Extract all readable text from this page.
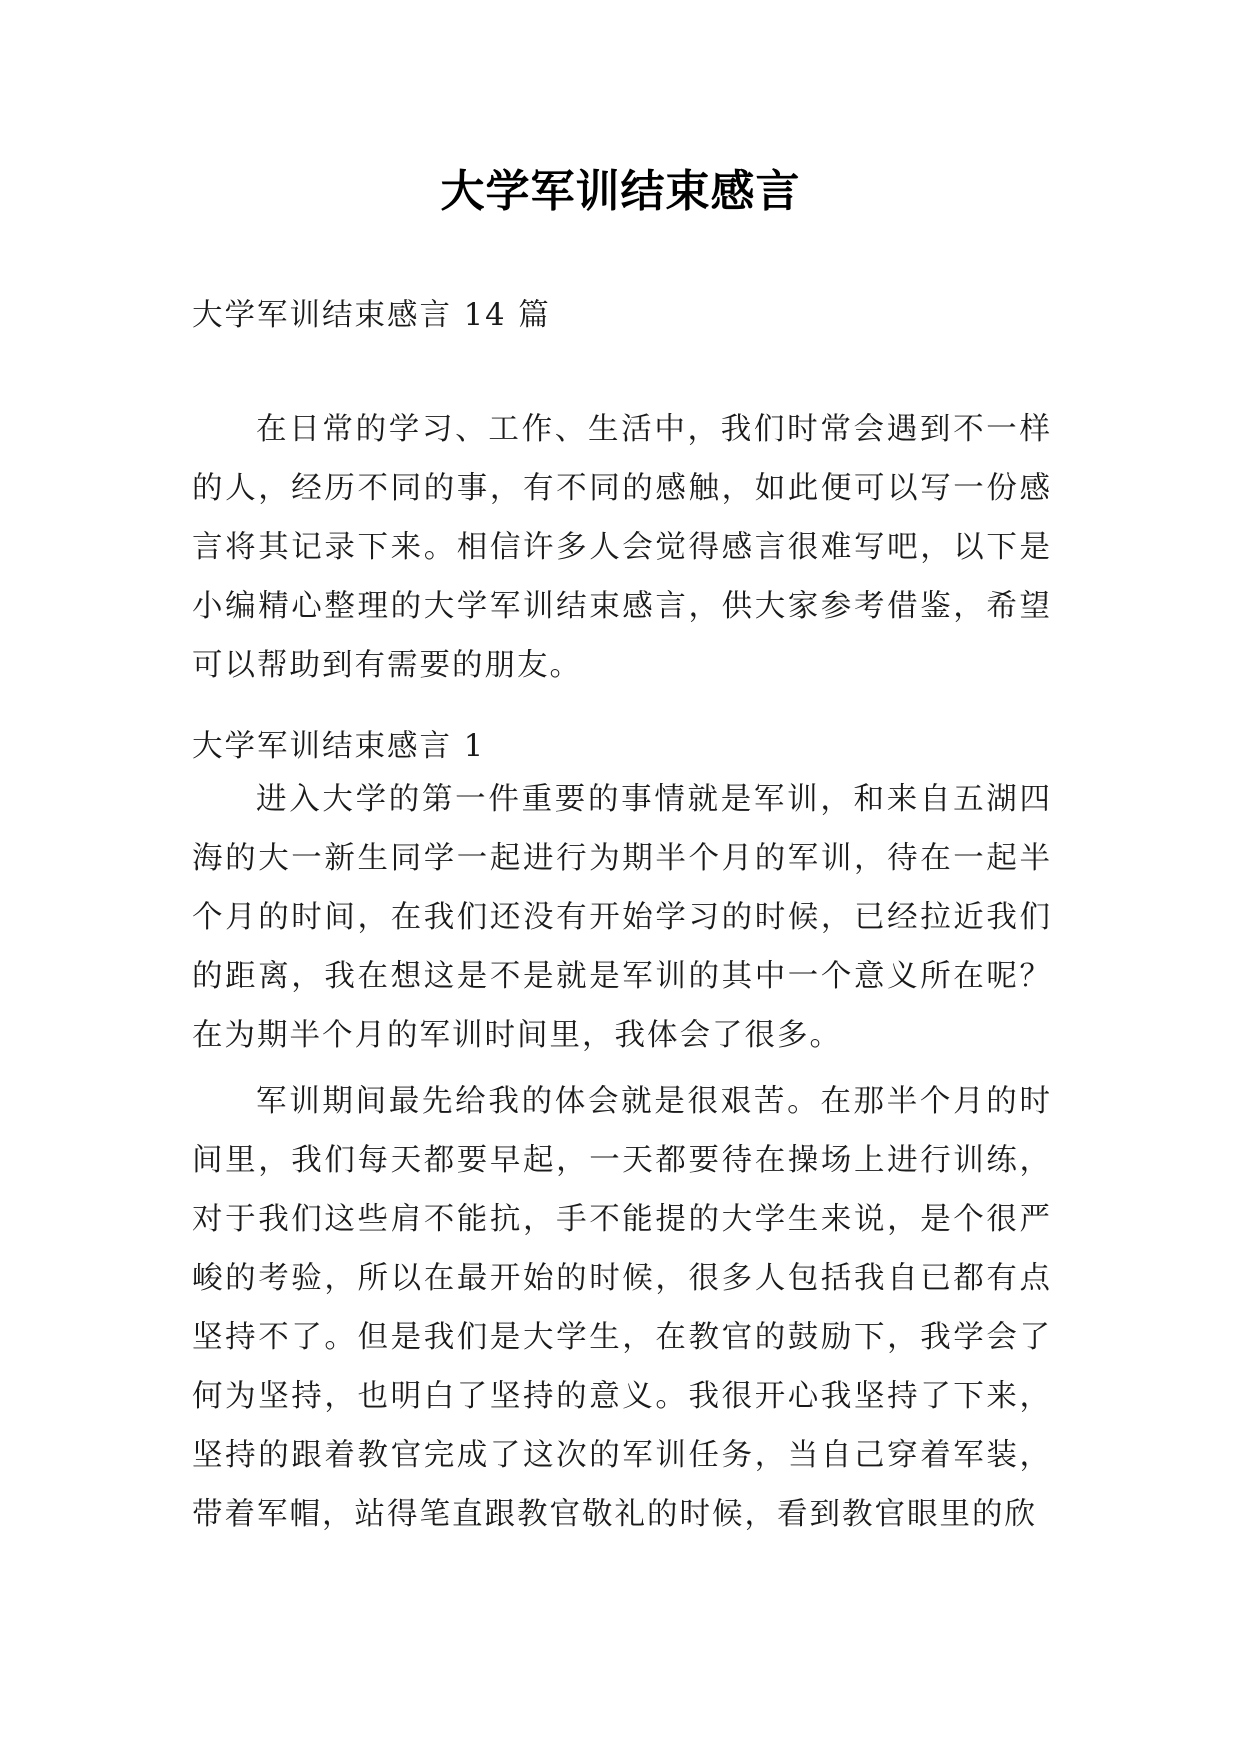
大学军训结束感言
大学军训结束感言 14 篇
在日常的学习、工作、生活中，我们时常会遇到不一样的人，经历不同的事，有不同的感触，如此便可以写一份感言将其记录下来。相信许多人会觉得感言很难写吧，以下是小编精心整理的大学军训结束感言，供大家参考借鉴，希望可以帮助到有需要的朋友。
大学军训结束感言 1
进入大学的第一件重要的事情就是军训，和来自五湖四海的大一新生同学一起进行为期半个月的军训，待在一起半个月的时间，在我们还没有开始学习的时候，已经拉近我们的距离，我在想这是不是就是军训的其中一个意义所在呢？在为期半个月的军训时间里，我体会了很多。
军训期间最先给我的体会就是很艰苦。在那半个月的时间里，我们每天都要早起，一天都要待在操场上进行训练，对于我们这些肩不能抗，手不能提的大学生来说，是个很严峻的考验，所以在最开始的时候，很多人包括我自已都有点坚持不了。但是我们是大学生，在教官的鼓励下，我学会了何为坚持，也明白了坚持的意义。我很开心我坚持了下来，坚持的跟着教官完成了这次的军训任务，当自己穿着军装，带着军帽，站得笔直跟教官敬礼的时候，看到教官眼里的欣
